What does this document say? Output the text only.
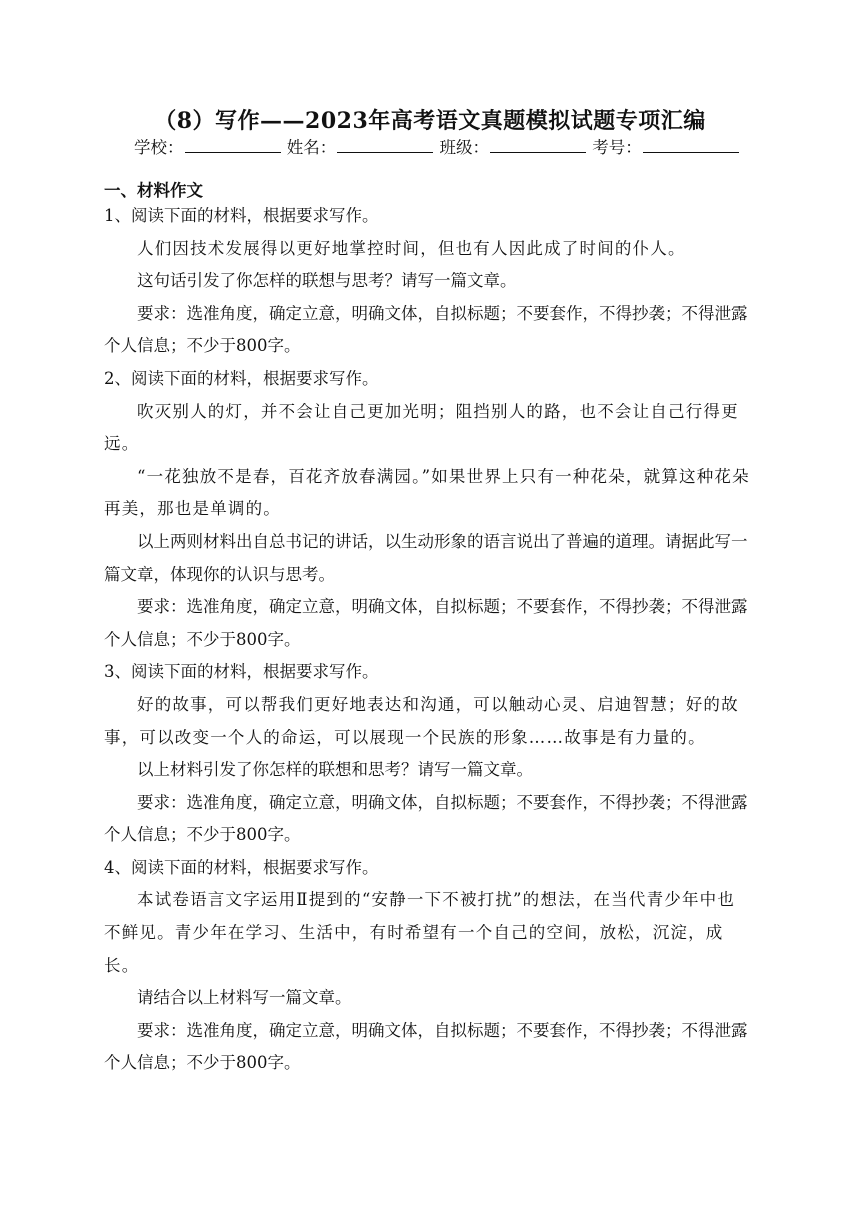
（8）写作——2023年高考语文真题模拟试题专项汇编
学校：	姓名：	班级：	考号：
一、材料作文

1、阅读下面的材料，根据要求写作。

人们因技术发展得以更好地掌控时间，但也有人因此成了时间的仆人。

这句话引发了你怎样的联想与思考？请写一篇文章。

要求：选准角度，确定立意，明确文体，自拟标题；不要套作，不得抄袭；不得泄露个人信息；不少于800字。

2、阅读下面的材料，根据要求写作。

吹灭别人的灯，并不会让自己更加光明；阻挡别人的路，也不会让自己行得更远。

“一花独放不是春，百花齐放春满园。”如果世界上只有一种花朵，就算这种花朵再美，那也是单调的。

以上两则材料出自总书记的讲话，以生动形象的语言说出了普遍的道理。请据此写一篇文章，体现你的认识与思考。

要求：选准角度，确定立意，明确文体，自拟标题；不要套作，不得抄袭；不得泄露个人信息；不少于800字。

3、阅读下面的材料，根据要求写作。

好的故事，可以帮我们更好地表达和沟通，可以触动心灵、启迪智慧；好的故事，可以改变一个人的命运，可以展现一个民族的形象……故事是有力量的。

以上材料引发了你怎样的联想和思考？请写一篇文章。

要求：选准角度，确定立意，明确文体，自拟标题；不要套作，不得抄袭；不得泄露个人信息；不少于800字。

4、阅读下面的材料，根据要求写作。

本试卷语言文字运用Ⅱ提到的“安静一下不被打扰”的想法，在当代青少年中也不鲜见。青少年在学习、生活中，有时希望有一个自己的空间，放松，沉淀，成长。

请结合以上材料写一篇文章。

要求：选准角度，确定立意，明确文体，自拟标题；不要套作，不得抄袭；不得泄露个人信息；不少于800字。
